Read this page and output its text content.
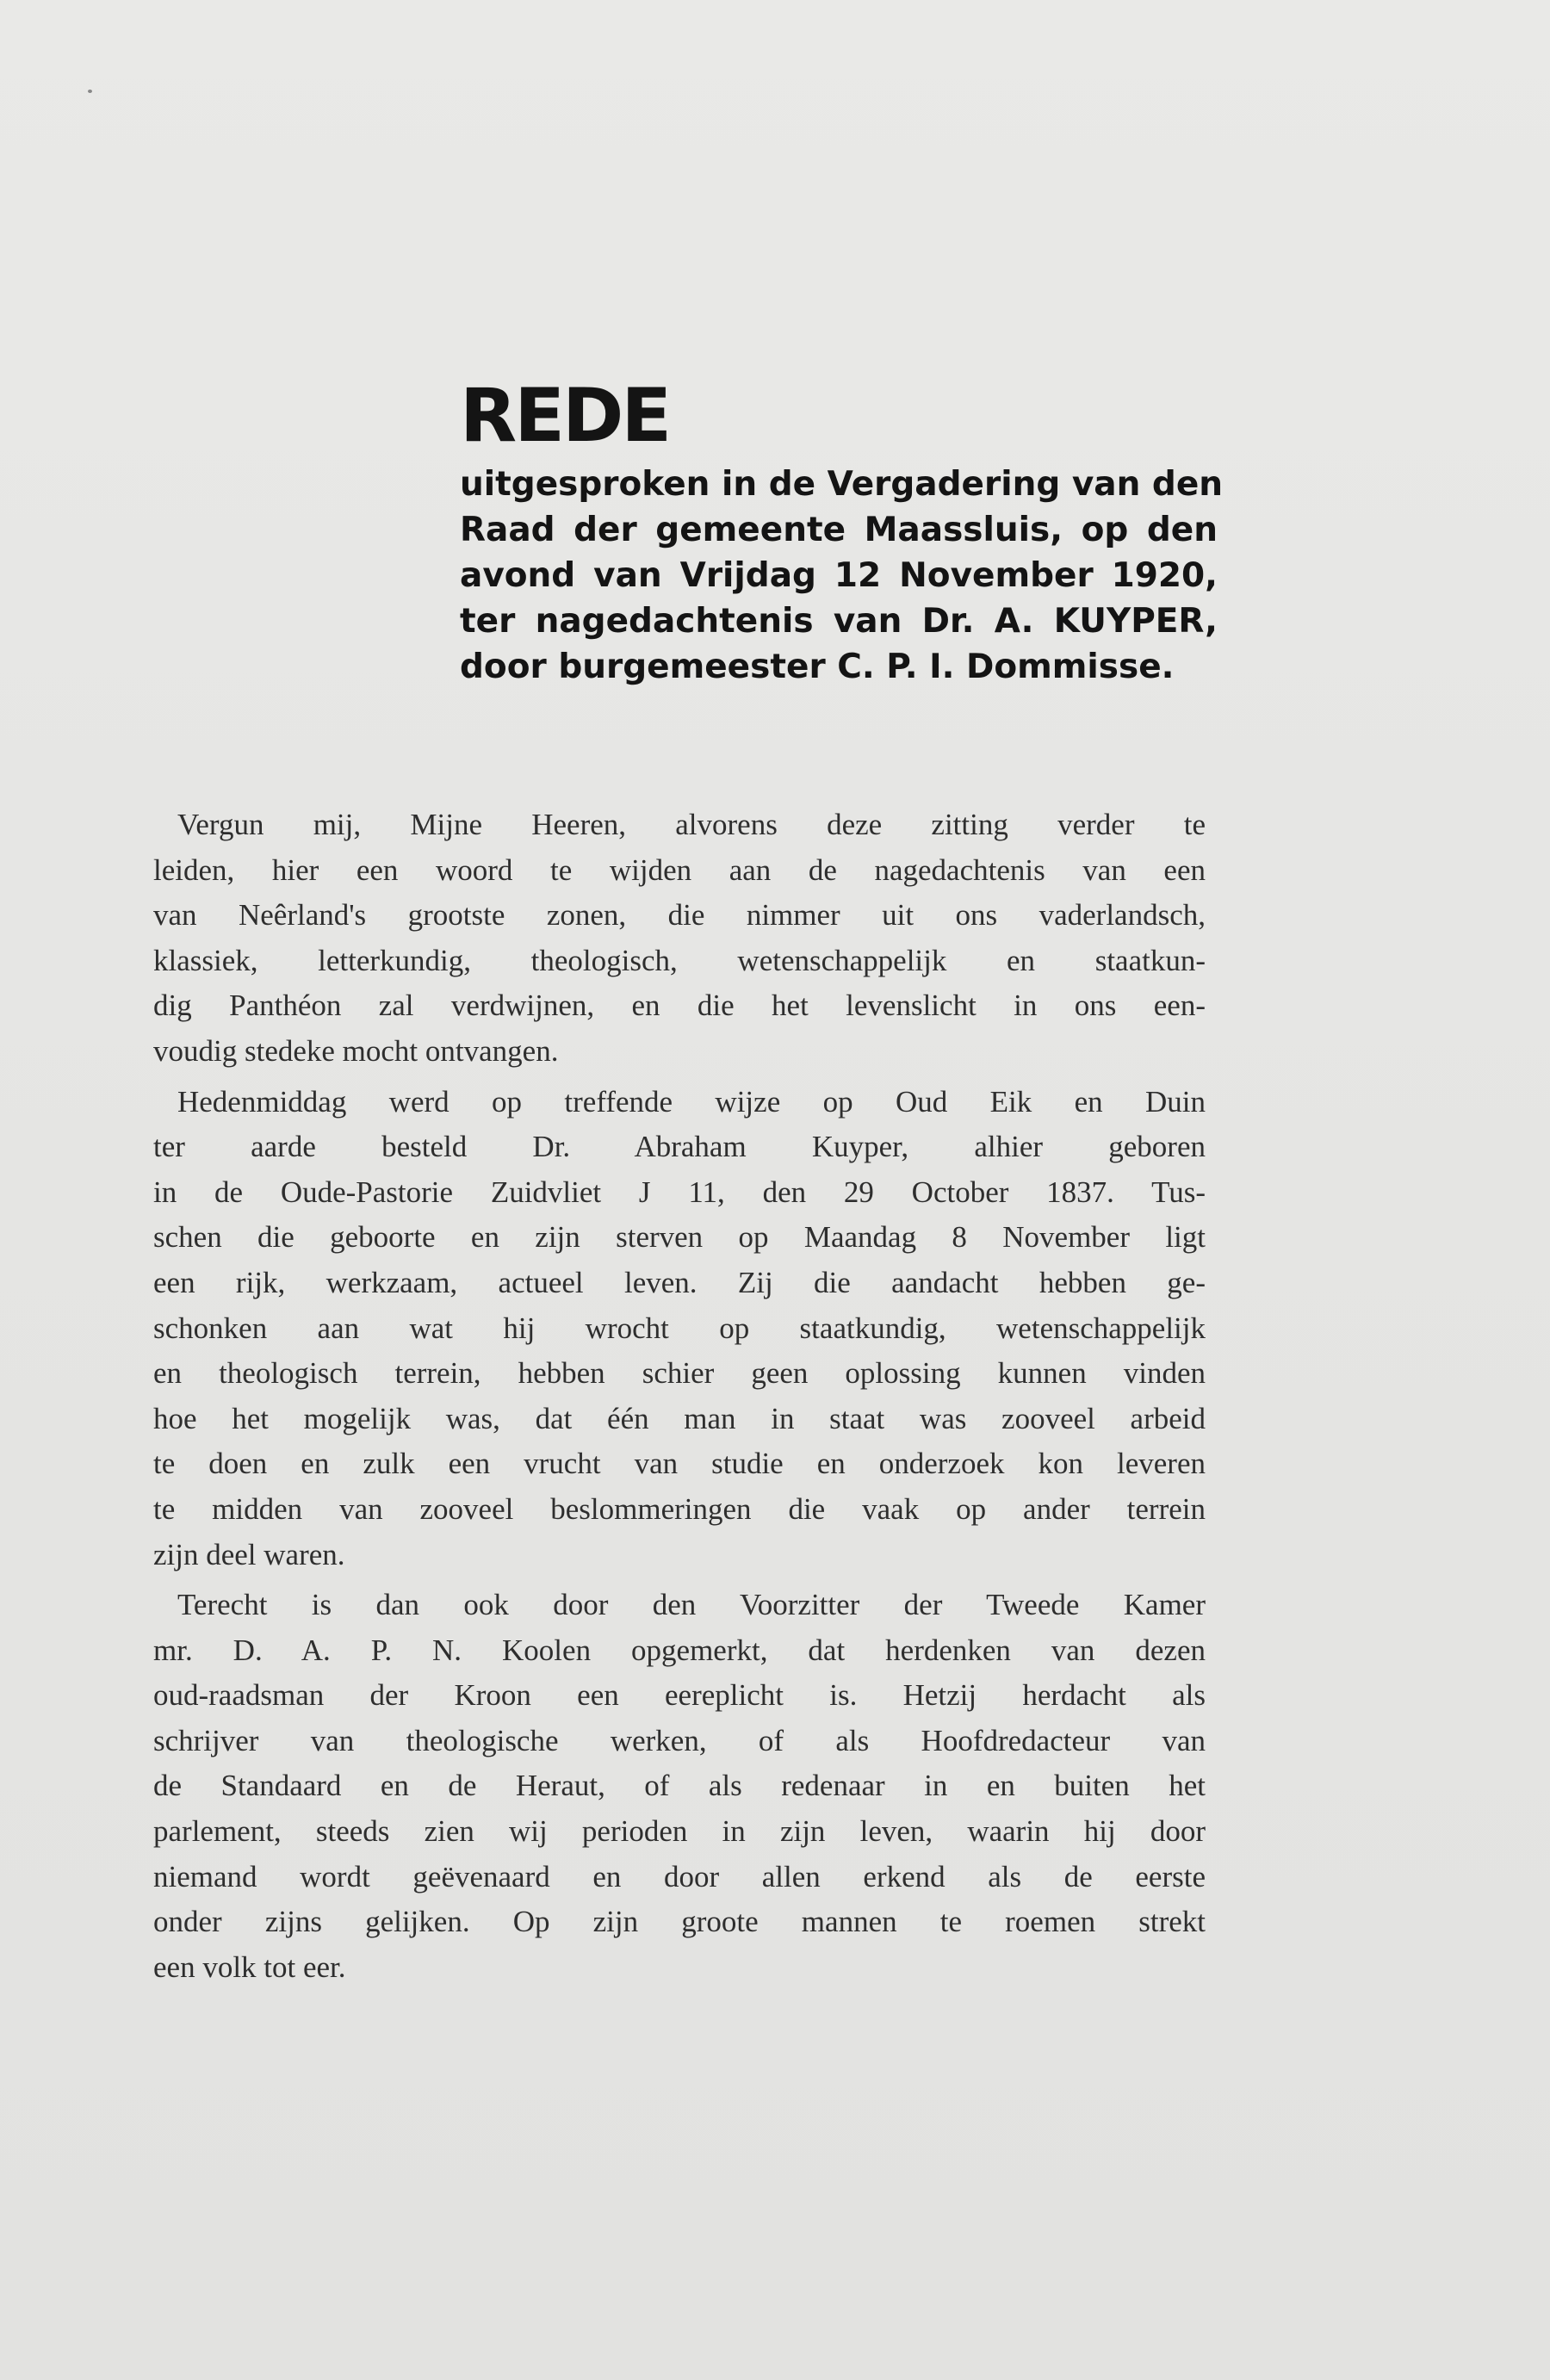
REDE

uitgesproken in de Vergadering van den
Raad der gemeente Maassluis, op den
avond van Vrijdag 12 November 1920,
ter nagedachtenis van Dr. A. KUYPER,
door burgemeester C. P. I. Dommisse.

Vergun mij, Mijne Heeren, alvorens deze zitting verder te
leiden, hier een woord te wijden aan de nagedachtenis van een
van Neêrland's grootste zonen, die nimmer uit ons vaderlandsch,
klassiek, letterkundig, theologisch, wetenschappelijk en staatkun-
dig Panthéon zal verdwijnen, en die het levenslicht in ons een-
voudig stedeke mocht ontvangen.

Hedenmiddag werd op treffende wijze op Oud Eik en Duin
ter aarde besteld Dr. Abraham Kuyper, alhier geboren
in de Oude-Pastorie Zuidvliet J 11, den 29 October 1837. Tus-
schen die geboorte en zijn sterven op Maandag 8 November ligt
een rijk, werkzaam, actueel leven. Zij die aandacht hebben ge-
schonken aan wat hij wrocht op staatkundig, wetenschappelijk
en theologisch terrein, hebben schier geen oplossing kunnen vinden
hoe het mogelijk was, dat één man in staat was zooveel arbeid
te doen en zulk een vrucht van studie en onderzoek kon leveren
te midden van zooveel beslommeringen die vaak op ander terrein
zijn deel waren.

Terecht is dan ook door den Voorzitter der Tweede Kamer
mr. D. A. P. N. Koolen opgemerkt, dat herdenken van dezen
oud-raadsman der Kroon een eereplicht is. Hetzij herdacht als
schrijver van theologische werken, of als Hoofdredacteur van
de Standaard en de Heraut, of als redenaar in en buiten het
parlement, steeds zien wij perioden in zijn leven, waarin hij door
niemand wordt geëvenaard en door allen erkend als de eerste
onder zijns gelijken. Op zijn groote mannen te roemen strekt
een volk tot eer.
